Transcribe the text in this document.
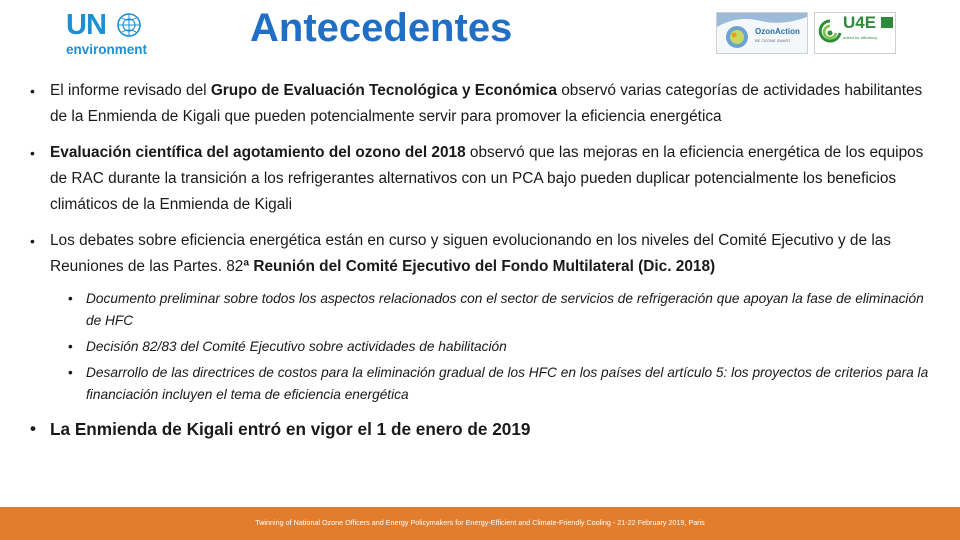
UN
environment	Antecedentes	OzonAction
BE OZONE SMART
U4E
united for efficiency
• El informe revisado del Grupo de Evaluación Tecnológica y Económica observó varias categorías de actividades habilitantes de la Enmienda de Kigali que pueden potencialmente servir para promover la eficiencia energética
• Evaluación científica del agotamiento del ozono del 2018 observó que las mejoras en la eficiencia energética de los equipos de RAC durante la transición a los refrigerantes alternativos con un PCA bajo pueden duplicar potencialmente los beneficios climáticos de la Enmienda de Kigali
• Los debates sobre eficiencia energética están en curso y siguen evolucionando en los niveles del Comité Ejecutivo y de las Reuniones de las Partes. 82ª Reunión del Comité Ejecutivo del Fondo Multilateral (Dic. 2018)
• Documento preliminar sobre todos los aspectos relacionados con el sector de servicios de refrigeración que apoyan la fase de eliminación de HFC
• Decisión 82/83 del Comité Ejecutivo sobre actividades de habilitación
• Desarrollo de las directrices de costos para la eliminación gradual de los HFC en los países del artículo 5: los proyectos de criterios para la financiación incluyen el tema de eficiencia energética
• La Enmienda de Kigali entró en vigor el 1 de enero de 2019
Twinning of National Ozone Officers and Energy Policymakers for Energy-Efficient and Climate-Friendly Cooling - 21-22 February 2019, Paris
